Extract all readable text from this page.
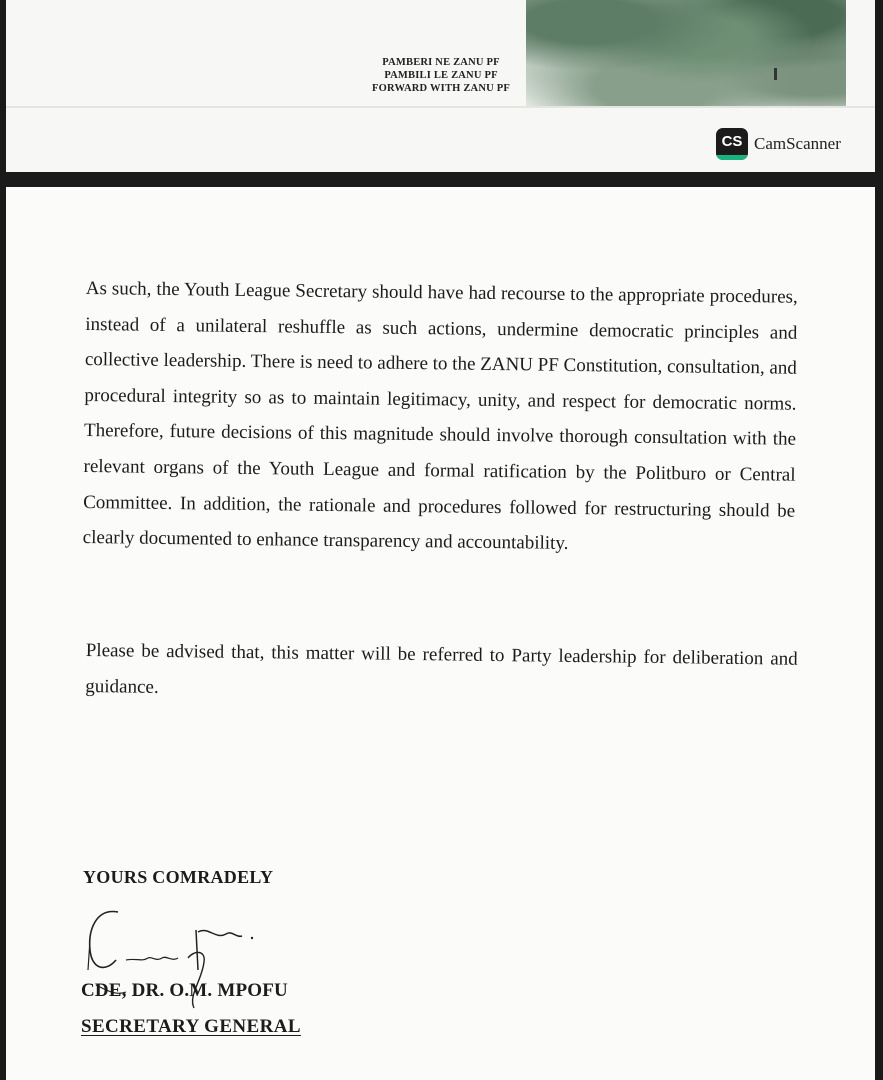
PAMBERI NE ZANU PF
PAMBILI LE ZANU PF
FORWARD WITH ZANU PF
CS CamScanner
As such, the Youth League Secretary should have had recourse to the appropriate procedures, instead of a unilateral reshuffle as such actions, undermine democratic principles and collective leadership. There is need to adhere to the ZANU PF Constitution, consultation, and procedural integrity so as to maintain legitimacy, unity, and respect for democratic norms. Therefore, future decisions of this magnitude should involve thorough consultation with the relevant organs of the Youth League and formal ratification by the Politburo or Central Committee. In addition, the rationale and procedures followed for restructuring should be clearly documented to enhance transparency and accountability.
Please be advised that, this matter will be referred to Party leadership for deliberation and guidance.
YOURS COMRADELY
CDE, DR. O.M. MPOFU
SECRETARY GENERAL
